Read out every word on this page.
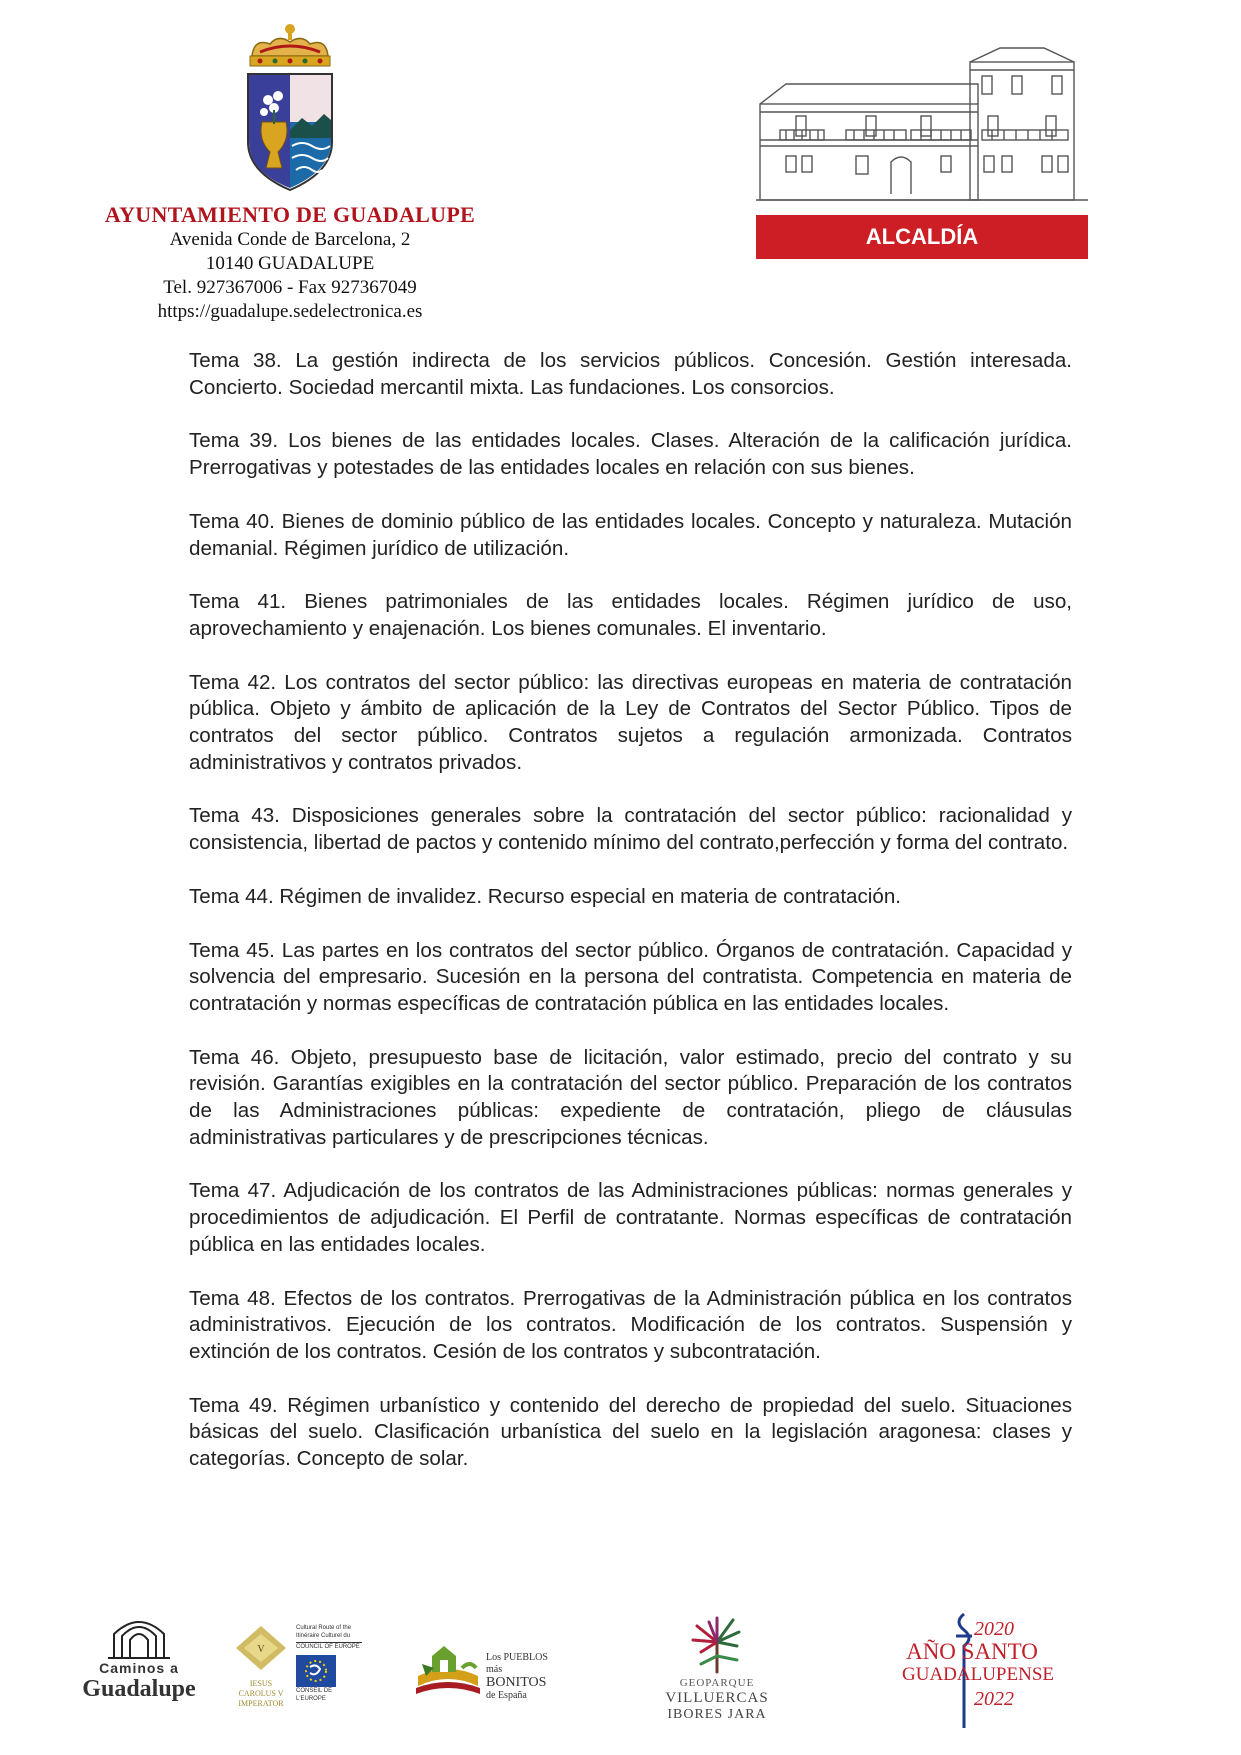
AYUNTAMIENTO DE GUADALUPE
Avenida Conde de Barcelona, 2
10140 GUADALUPE
Tel. 927367006 - Fax 927367049
https://guadalupe.sedelectronica.es
ALCALDÍA

Tema 38. La gestión indirecta de los servicios públicos. Concesión. Gestión interesada. Concierto. Sociedad mercantil mixta. Las fundaciones. Los consorcios.

Tema 39. Los bienes de las entidades locales. Clases. Alteración de la calificación jurídica. Prerrogativas y potestades de las entidades locales en relación con sus bienes.

Tema 40. Bienes de dominio público de las entidades locales. Concepto y naturaleza. Mutación demanial. Régimen jurídico de utilización.

Tema 41. Bienes patrimoniales de las entidades locales. Régimen jurídico de uso, aprovechamiento y enajenación. Los bienes comunales. El inventario.

Tema 42. Los contratos del sector público: las directivas europeas en materia de contratación pública. Objeto y ámbito de aplicación de la Ley de Contratos del Sector Público. Tipos de contratos del sector público. Contratos sujetos a regulación armonizada. Contratos administrativos y contratos privados.

Tema 43. Disposiciones generales sobre la contratación del sector público: racionalidad y consistencia, libertad de pactos y contenido mínimo del contrato,perfección y forma del contrato.

Tema 44. Régimen de invalidez. Recurso especial en materia de contratación.

Tema 45. Las partes en los contratos del sector público. Órganos de contratación. Capacidad y solvencia del empresario. Sucesión en la persona del contratista. Competencia en materia de contratación y normas específicas de contratación pública en las entidades locales.

Tema 46. Objeto, presupuesto base de licitación, valor estimado, precio del contrato y su revisión. Garantías exigibles en la contratación del sector público. Preparación de los contratos de las Administraciones públicas: expediente de contratación, pliego de cláusulas administrativas particulares y de prescripciones técnicas.

Tema 47. Adjudicación de los contratos de las Administraciones públicas: normas generales y procedimientos de adjudicación. El Perfil de contratante. Normas específicas de contratación pública en las entidades locales.

Tema 48. Efectos de los contratos. Prerrogativas de la Administración pública en los contratos administrativos. Ejecución de los contratos. Modificación de los contratos. Suspensión y extinción de los contratos. Cesión de los contratos y subcontratación.

Tema 49. Régimen urbanístico y contenido del derecho de propiedad del suelo. Situaciones básicas del suelo. Clasificación urbanística del suelo en la legislación aragonesa: clases y categorías. Concepto de solar.

Caminos a
Guadalupe
V
IESUS
CAROLUS V
IMPERATOR
Cultural Route of the
Itinéraire Culturel du
COUNCIL OF EUROPE
CONSEIL DE L'EUROPE
Los PUEBLOS más
BONITOS
de España
GEOPARQUE
VILLUERCAS
IBORES JARA
2020
AÑO SANTO
GUADALUPENSE
2022
